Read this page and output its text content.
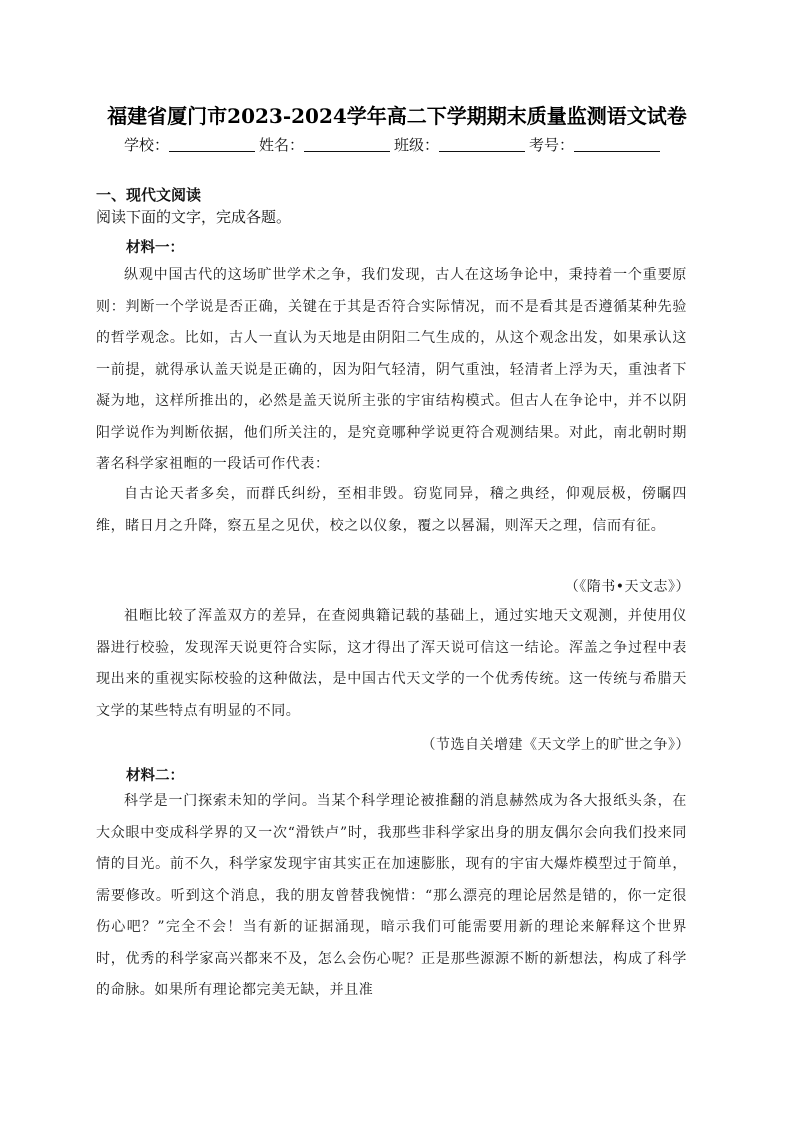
福建省厦门市2023-2024学年高二下学期期末质量监测语文试卷
学校：	姓名：	班级：	考号：
一、现代文阅读
阅读下面的文字，完成各题。
材料一：
纵观中国古代的这场旷世学术之争，我们发现，古人在这场争论中，秉持着一个重要原则：判断一个学说是否正确，关键在于其是否符合实际情况，而不是看其是否遵循某种先验的哲学观念。比如，古人一直认为天地是由阴阳二气生成的，从这个观念出发，如果承认这一前提，就得承认盖天说是正确的，因为阳气轻清，阴气重浊，轻清者上浮为天，重浊者下凝为地，这样所推出的，必然是盖天说所主张的宇宙结构模式。但古人在争论中，并不以阴阳学说作为判断依据，他们所关注的，是究竟哪种学说更符合观测结果。对此，南北朝时期著名科学家祖暅的一段话可作代表：
自古论天者多矣，而群氏纠纷，至相非毁。窃览同异，稽之典经，仰观辰极，傍瞩四维，睹日月之升降，察五星之见伏，校之以仪象，覆之以晷漏，则浑天之理，信而有征。
（《隋书•天文志》）
祖暅比较了浑盖双方的差异，在查阅典籍记载的基础上，通过实地天文观测，并使用仪器进行校验，发现浑天说更符合实际，这才得出了浑天说可信这一结论。浑盖之争过程中表现出来的重视实际校验的这种做法，是中国古代天文学的一个优秀传统。这一传统与希腊天文学的某些特点有明显的不同。
（节选自关增建《天文学上的旷世之争》）
材料二：
科学是一门探索未知的学问。当某个科学理论被推翻的消息赫然成为各大报纸头条，在大众眼中变成科学界的又一次“滑铁卢”时，我那些非科学家出身的朋友偶尔会向我们投来同情的目光。前不久，科学家发现宇宙其实正在加速膨胀，现有的宇宙大爆炸模型过于简单，需要修改。听到这个消息，我的朋友曾替我惋惜：“那么漂亮的理论居然是错的，你一定很伤心吧？”完全不会！当有新的证据涌现，暗示我们可能需要用新的理论来解释这个世界时，优秀的科学家高兴都来不及，怎么会伤心呢？正是那些源源不断的新想法，构成了科学的命脉。如果所有理论都完美无缺，并且准
